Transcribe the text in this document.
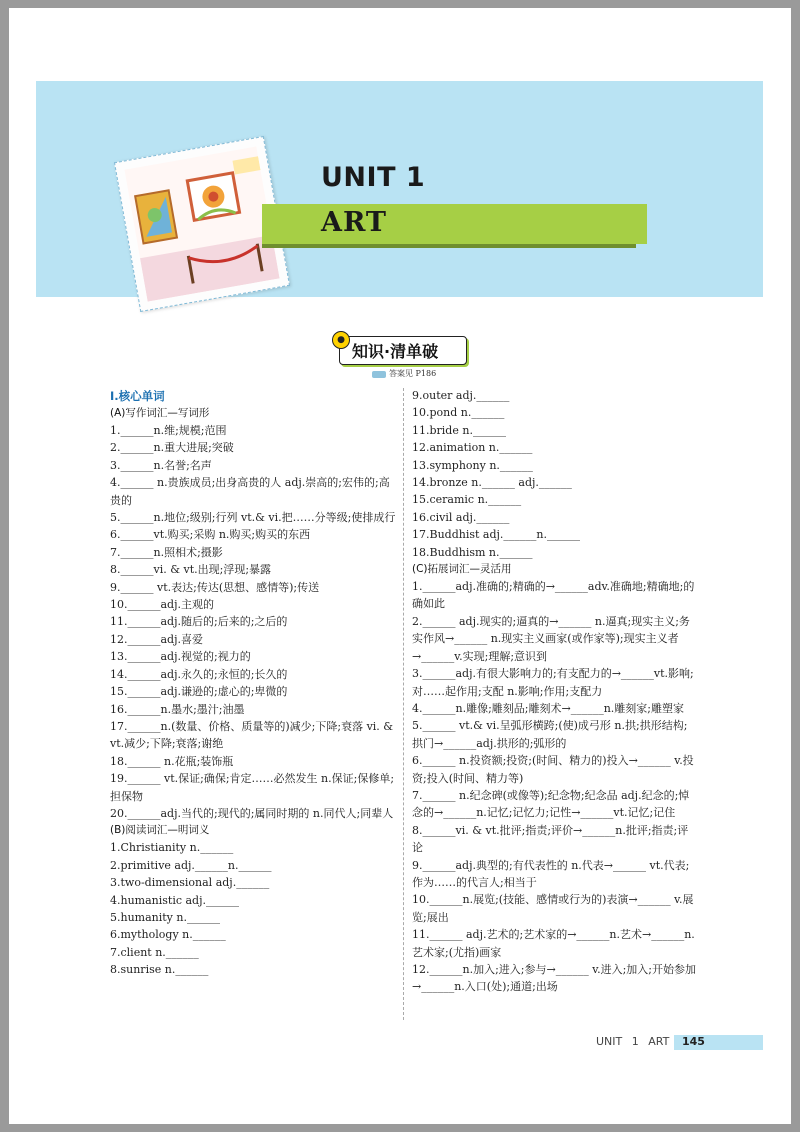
UNIT 1
ART
●
知识·清单破
答案见 P186
Ⅰ.核心单词
(A)写作词汇—写词形
1.______n.维;规模;范围
2.______n.重大进展;突破
3.______n.名誉;名声
4.______ n.贵族成员;出身高贵的人 adj.崇高的;宏伟的;高贵的
5.______n.地位;级别;行列 vt.& vi.把……分等级;使排成行
6.______vt.购买;采购 n.购买;购买的东西
7.______n.照相术;摄影
8.______vi. & vt.出现;浮现;暴露
9.______ vt.表达;传达(思想、感情等);传送
10.______adj.主观的
11.______adj.随后的;后来的;之后的
12.______adj.喜爱
13.______adj.视觉的;视力的
14.______adj.永久的;永恒的;长久的
15.______adj.谦逊的;虚心的;卑微的
16.______n.墨水;墨汁;油墨
17.______n.(数量、价格、质量等的)减少;下降;衰落 vi. & vt.减少;下降;衰落;谢绝
18.______ n.花瓶;装饰瓶
19.______ vt.保证;确保;肯定……必然发生 n.保证;保修单;担保物
20.______adj.当代的;现代的;属同时期的 n.同代人;同辈人
(B)阅读词汇—明词义
1.Christianity n.______
2.primitive adj.______n.______
3.two-dimensional adj.______
4.humanistic adj.______
5.humanity n.______
6.mythology n.______
7.client n.______
8.sunrise n.______
9.outer adj.______
10.pond n.______
11.bride n.______
12.animation n.______
13.symphony n.______
14.bronze n.______ adj.______
15.ceramic n.______
16.civil adj.______
17.Buddhist adj.______n.______
18.Buddhism n.______
(C)拓展词汇—灵活用
1.______adj.准确的;精确的→______adv.准确地;精确地;的确如此
2.______ adj.现实的;逼真的→______ n.逼真;现实主义;务实作风→______ n.现实主义画家(或作家等);现实主义者→______v.实现;理解;意识到
3.______adj.有很大影响力的;有支配力的→______vt.影响;对……起作用;支配 n.影响;作用;支配力
4.______n.雕像;雕刻品;雕刻术→______n.雕刻家;雕塑家
5.______ vt.& vi.呈弧形横跨;(使)成弓形 n.拱;拱形结构;拱门→______adj.拱形的;弧形的
6.______ n.投资额;投资;(时间、精力的)投入→______ v.投资;投入(时间、精力等)
7.______ n.纪念碑(或像等);纪念物;纪念品 adj.纪念的;悼念的→______n.记忆;记忆力;记性→______vt.记忆;记住
8.______vi. & vt.批评;指责;评价→______n.批评;指责;评论
9.______adj.典型的;有代表性的 n.代表→______ vt.代表;作为……的代言人;相当于
10.______n.展览;(技能、感情或行为的)表演→______ v.展览;展出
11.______ adj.艺术的;艺术家的→______n.艺术→______n.艺术家;(尤指)画家
12.______n.加入;进入;参与→______ v.进入;加入;开始参加→______n.入口(处);通道;出场
UNIT 1 ART 145
